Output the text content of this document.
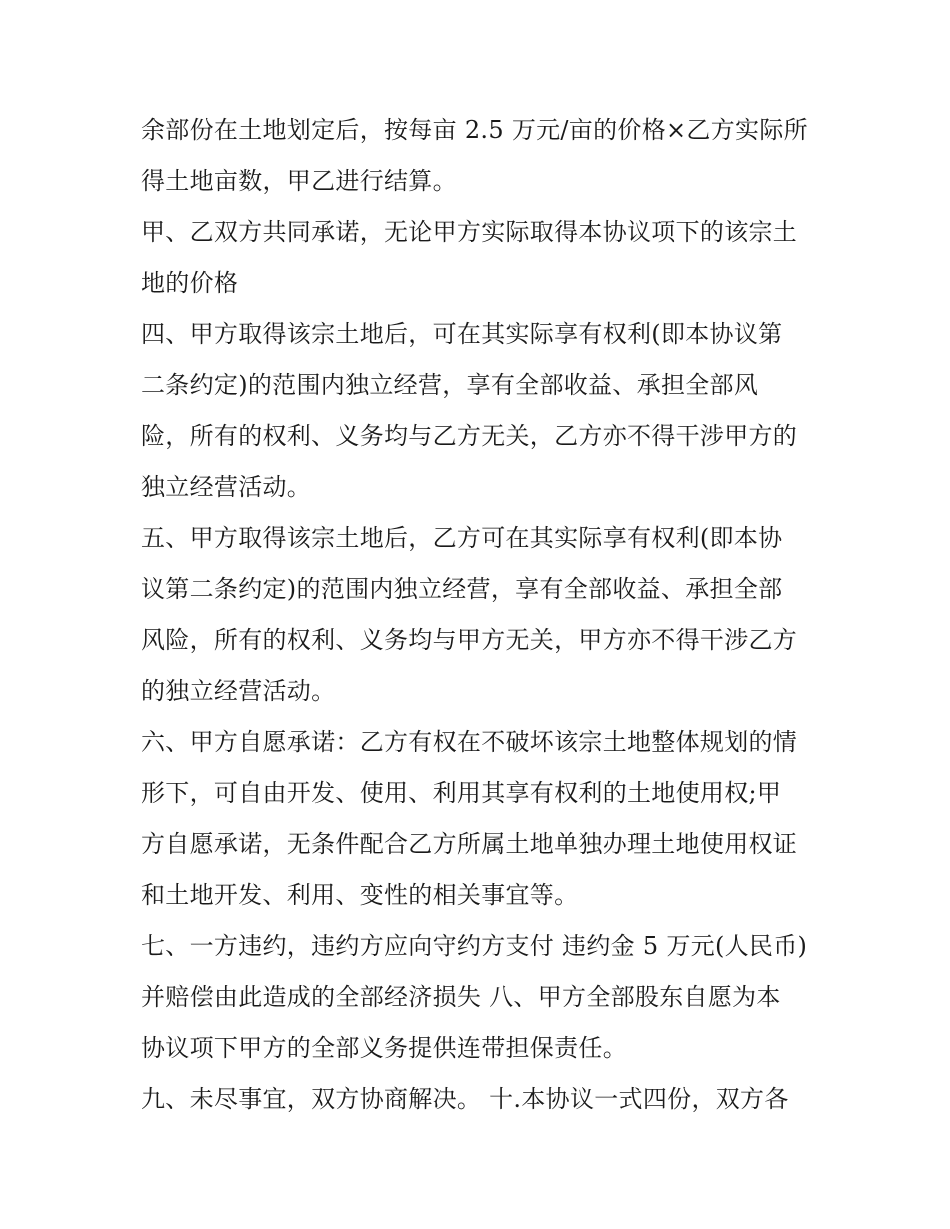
余部份在土地划定后，按每亩 2.5 万元/亩的价格×乙方实际所
得土地亩数，甲乙进行结算。
甲、乙双方共同承诺，无论甲方实际取得本协议项下的该宗土
地的价格
四、甲方取得该宗土地后，可在其实际享有权利(即本协议第
二条约定)的范围内独立经营，享有全部收益、承担全部风
险，所有的权利、义务均与乙方无关，乙方亦不得干涉甲方的
独立经营活动。
五、甲方取得该宗土地后，乙方可在其实际享有权利(即本协
议第二条约定)的范围内独立经营，享有全部收益、承担全部
风险，所有的权利、义务均与甲方无关，甲方亦不得干涉乙方
的独立经营活动。
六、甲方自愿承诺：乙方有权在不破坏该宗土地整体规划的情
形下，可自由开发、使用、利用其享有权利的土地使用权;甲
方自愿承诺，无条件配合乙方所属土地单独办理土地使用权证
和土地开发、利用、变性的相关事宜等。
七、一方违约，违约方应向守约方支付 违约金 5 万元(人民币)
并赔偿由此造成的全部经济损失 八、甲方全部股东自愿为本
协议项下甲方的全部义务提供连带担保责任。
九、未尽事宜，双方协商解决。 十.本协议一式四份，双方各
